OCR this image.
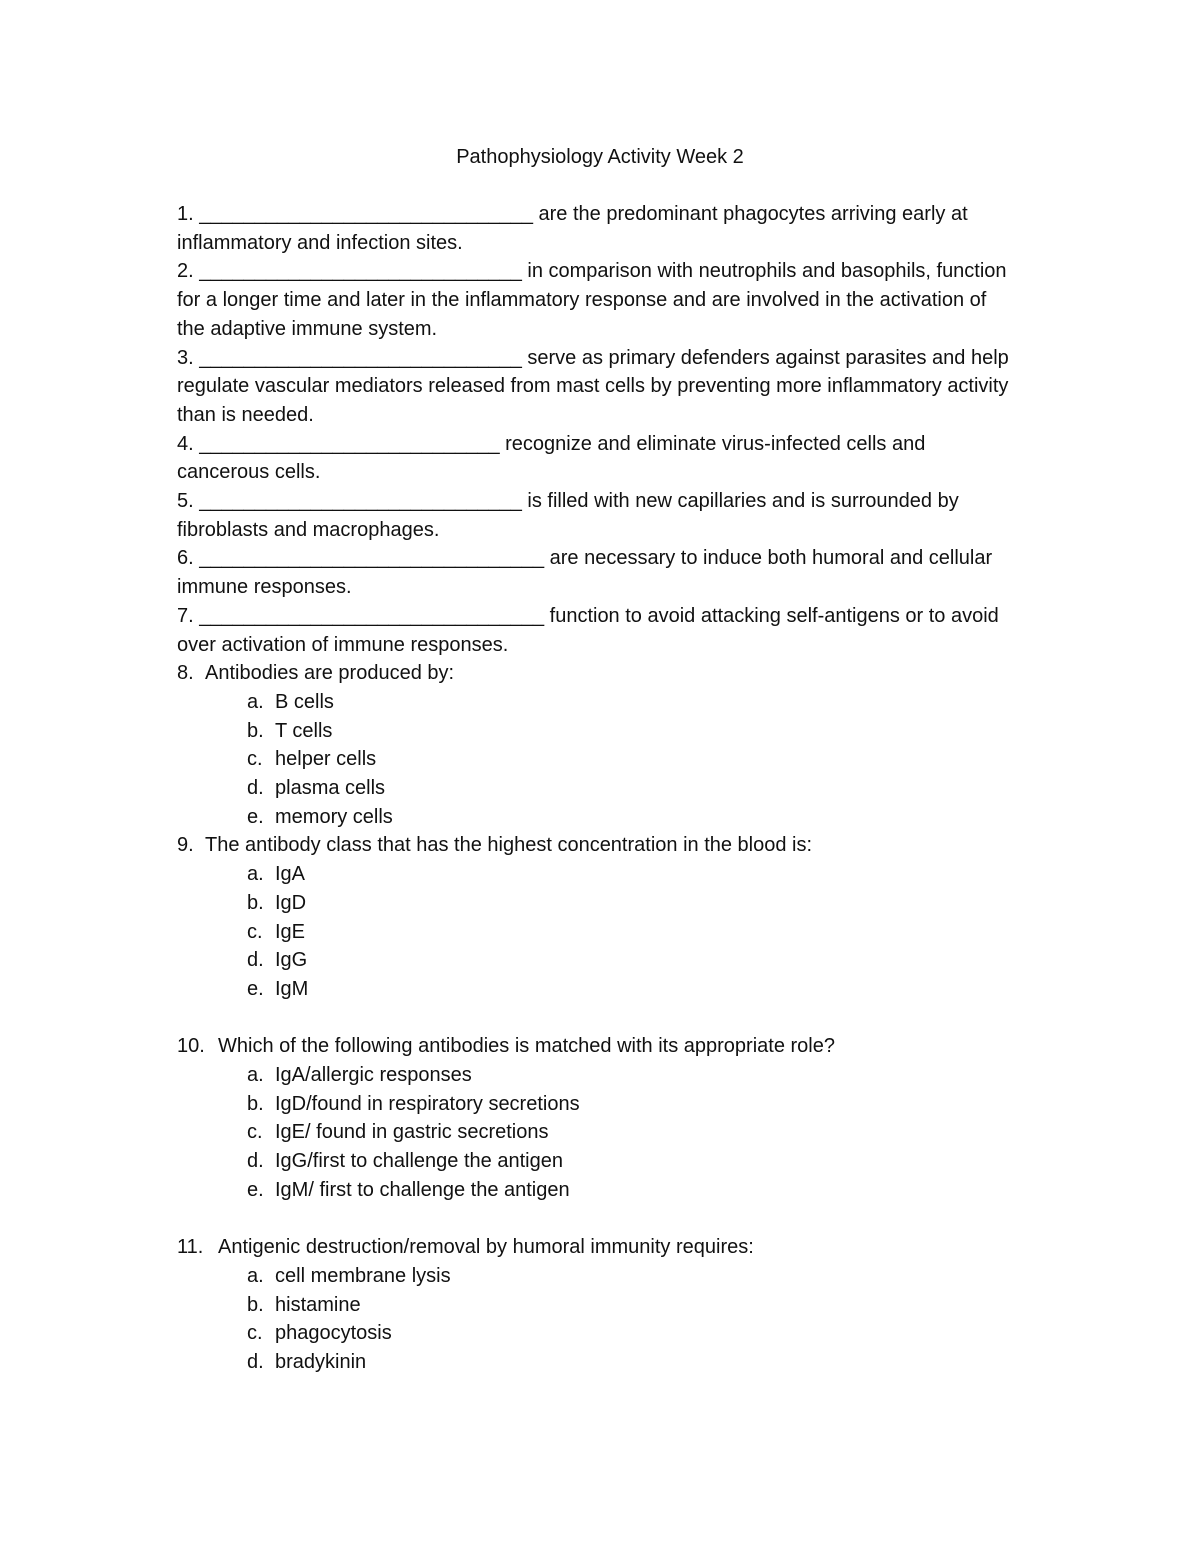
Pathophysiology Activity Week 2

1. ______________________________ are the predominant phagocytes arriving early at inflammatory and infection sites.

2. _____________________________ in comparison with neutrophils and basophils, function for a longer time and later in the inflammatory response and are involved in the activation of the adaptive immune system.

3. _____________________________ serve as primary defenders against parasites and help regulate vascular mediators released from mast cells by preventing more inflammatory activity than is needed.

4. ___________________________ recognize and eliminate virus-infected cells and cancerous cells.

5. _____________________________ is filled with new capillaries and is surrounded by fibroblasts and macrophages.

6. _______________________________ are necessary to induce both humoral and cellular immune responses.

7. _______________________________ function to avoid attacking self-antigens or to avoid over activation of immune responses.

8. Antibodies are produced by:
a. B cells
b. T cells
c. helper cells
d. plasma cells
e. memory cells
9. The antibody class that has the highest concentration in the blood is:
a. IgA
b. IgD
c. IgE
d. IgG
e. IgM
10. Which of the following antibodies is matched with its appropriate role?
a. IgA/allergic responses
b. IgD/found in respiratory secretions
c. IgE/ found in gastric secretions
d. IgG/first to challenge the antigen
e. IgM/ first to challenge the antigen
11. Antigenic destruction/removal by humoral immunity requires:
a. cell membrane lysis
b. histamine
c. phagocytosis
d. bradykinin
